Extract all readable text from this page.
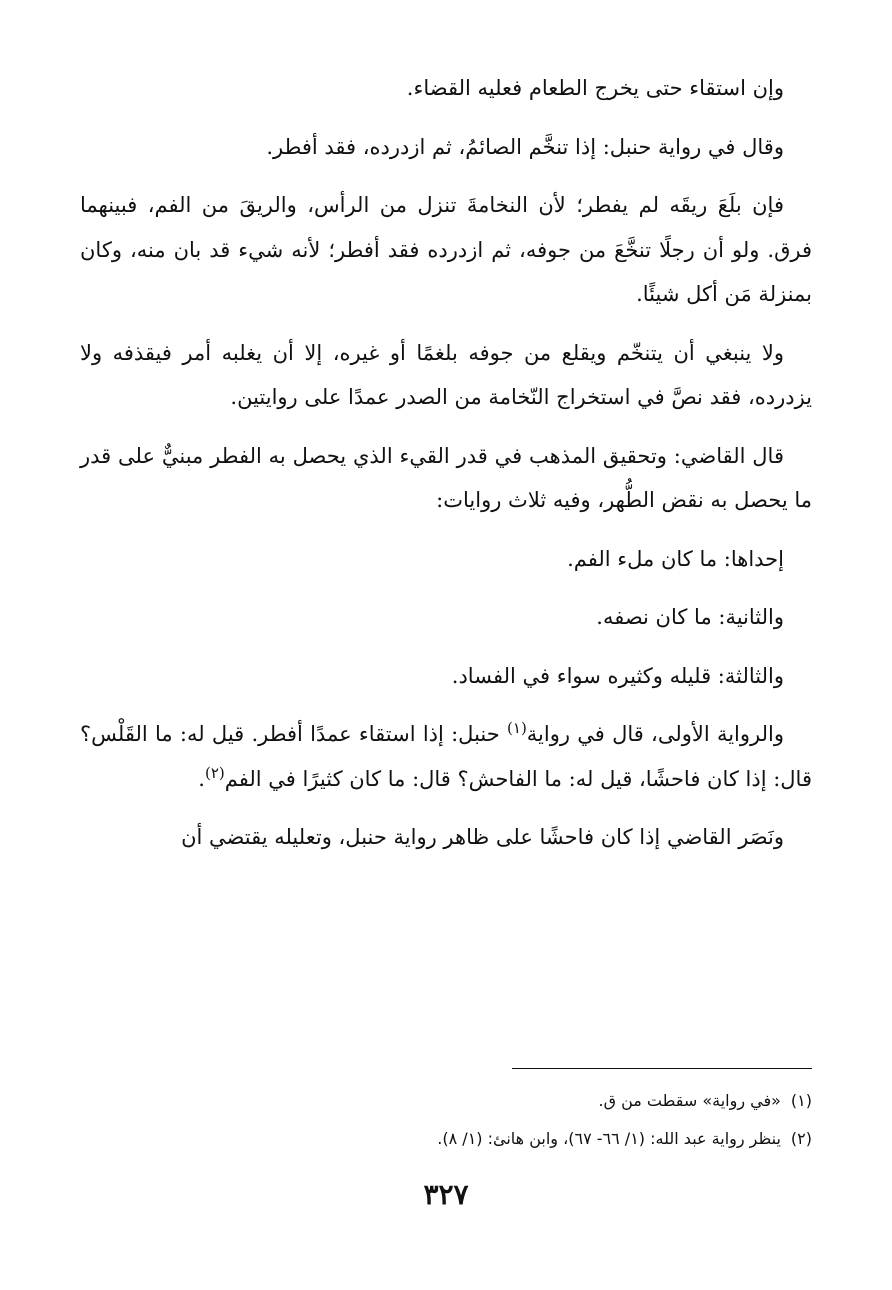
وإن استقاء حتى يخرج الطعام فعليه القضاء.

وقال في رواية حنبل: إذا تنخَّم الصائمُ، ثم ازدرده، فقد أفطر.

فإن بلَعَ ريقَه لم يفطر؛ لأن النخامةَ تنزل من الرأس، والريقَ من الفم، فبينهما فرق. ولو أن رجلًا تنخَّعَ من جوفه، ثم ازدرده فقد أفطر؛ لأنه شيء قد بان منه، وكان بمنزلة مَن أكل شيئًا.

ولا ينبغي أن يتنخّم ويقلع من جوفه بلغمًا أو غيره، إلا أن يغلبه أمر فيقذفه ولا يزدرده، فقد نصَّ في استخراج النّخامة من الصدر عمدًا على روايتين.

قال القاضي: وتحقيق المذهب في قدر القيء الذي يحصل به الفطر مبنيٌّ على قدر ما يحصل به نقض الطُّهر، وفيه ثلاث روايات:

إحداها: ما كان ملء الفم.

والثانية: ما كان نصفه.

والثالثة: قليله وكثيره سواء في الفساد.

والرواية الأولى، قال في رواية$^{(١)}$ حنبل: إذا استقاء عمدًا أفطر. قيل له: ما القَلْس؟ قال: إذا كان فاحشًا، قيل له: ما الفاحش؟ قال: ما كان كثيرًا في الفم$^{(٢)}$.

ونَصَر القاضي إذا كان فاحشًا على ظاهر رواية حنبل، وتعليله يقتضي أن

(١)«في رواية» سقطت من ق.
(٢)ينظر رواية عبد الله: (١/ ٦٦- ٦٧)، وابن هانئ: (١/ ٨).
٣٢٧
